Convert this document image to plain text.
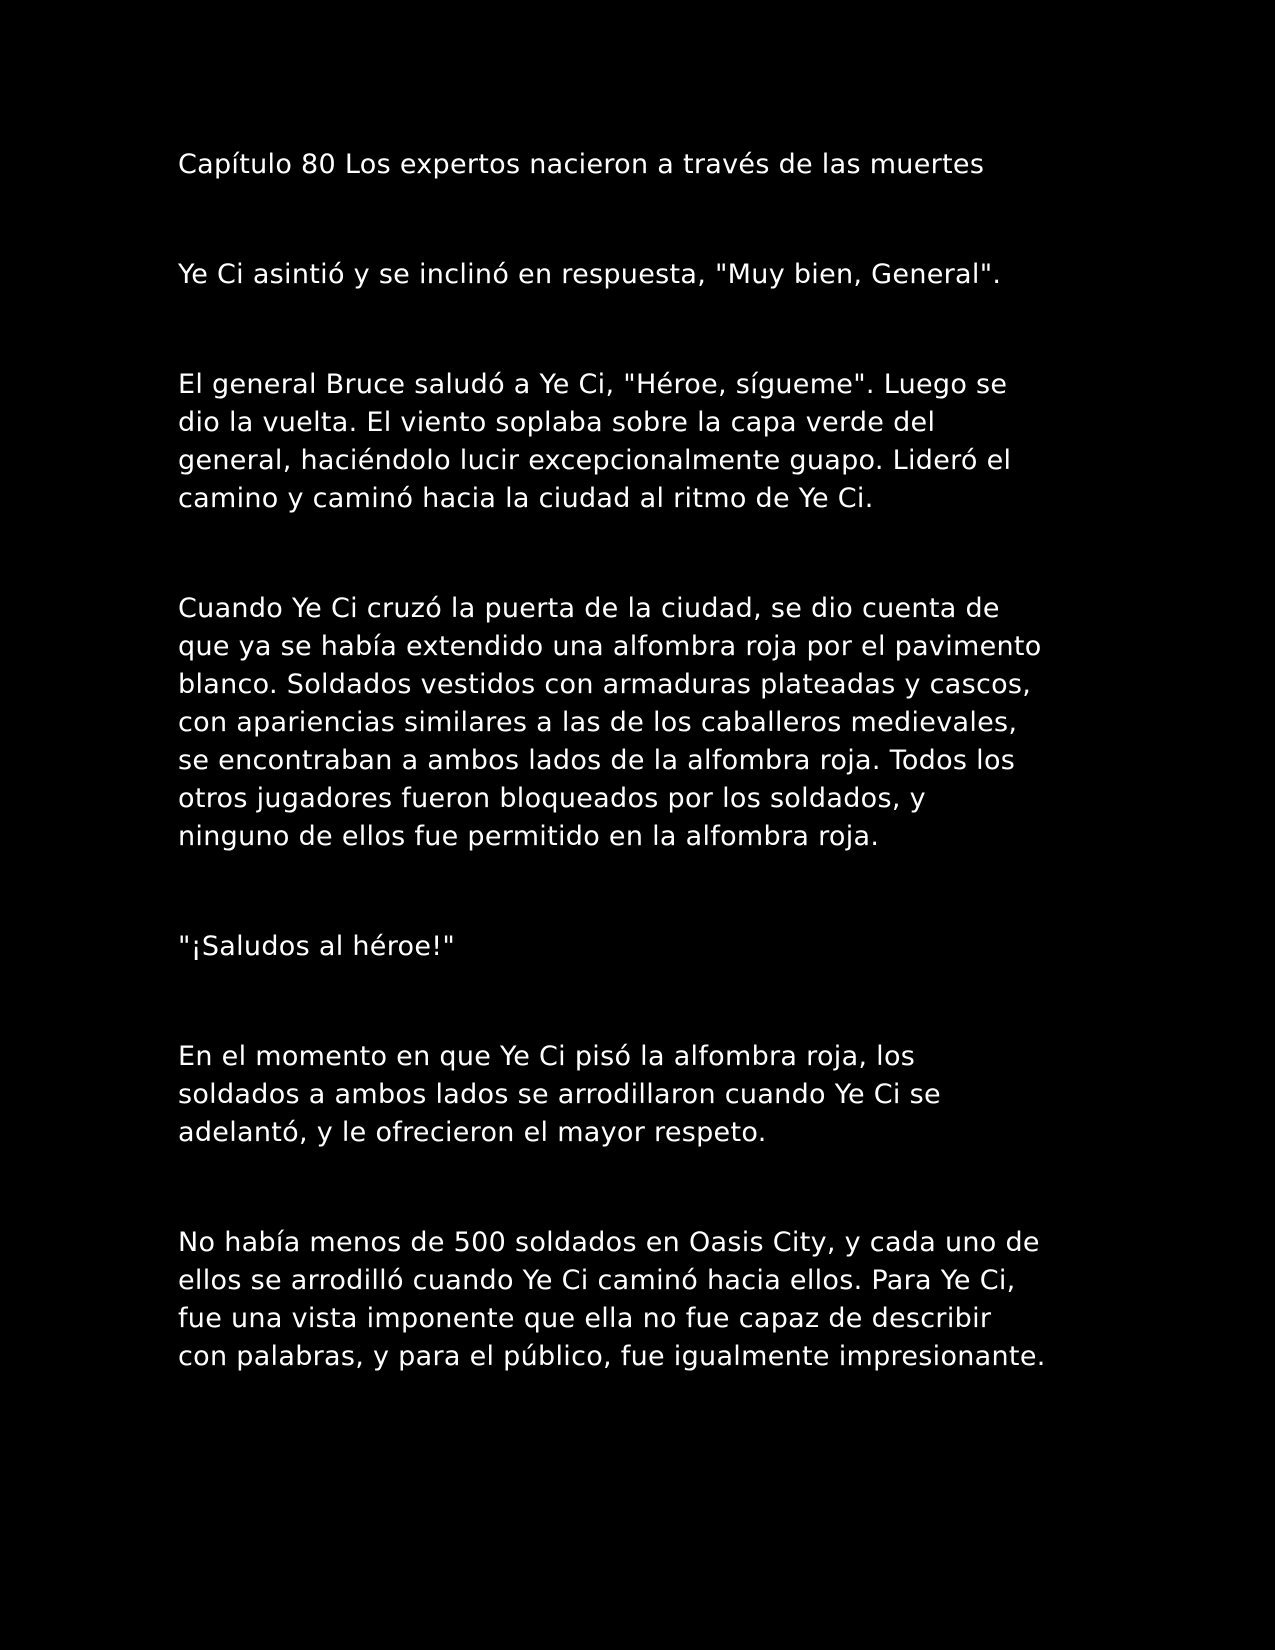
Capítulo 80 Los expertos nacieron a través de las muertes

Ye Ci asintió y se inclinó en respuesta, "Muy bien, General".

El general Bruce saludó a Ye Ci, "Héroe, sígueme". Luego se
dio la vuelta. El viento soplaba sobre la capa verde del
general, haciéndolo lucir excepcionalmente guapo. Lideró el
camino y caminó hacia la ciudad al ritmo de Ye Ci.

Cuando Ye Ci cruzó la puerta de la ciudad, se dio cuenta de
que ya se había extendido una alfombra roja por el pavimento
blanco. Soldados vestidos con armaduras plateadas y cascos,
con apariencias similares a las de los caballeros medievales,
se encontraban a ambos lados de la alfombra roja. Todos los
otros jugadores fueron bloqueados por los soldados, y
ninguno de ellos fue permitido en la alfombra roja.

"¡Saludos al héroe!"

En el momento en que Ye Ci pisó la alfombra roja, los
soldados a ambos lados se arrodillaron cuando Ye Ci se
adelantó, y le ofrecieron el mayor respeto.

No había menos de 500 soldados en Oasis City, y cada uno de
ellos se arrodilló cuando Ye Ci caminó hacia ellos. Para Ye Ci,
fue una vista imponente que ella no fue capaz de describir
con palabras, y para el público, fue igualmente impresionante.
